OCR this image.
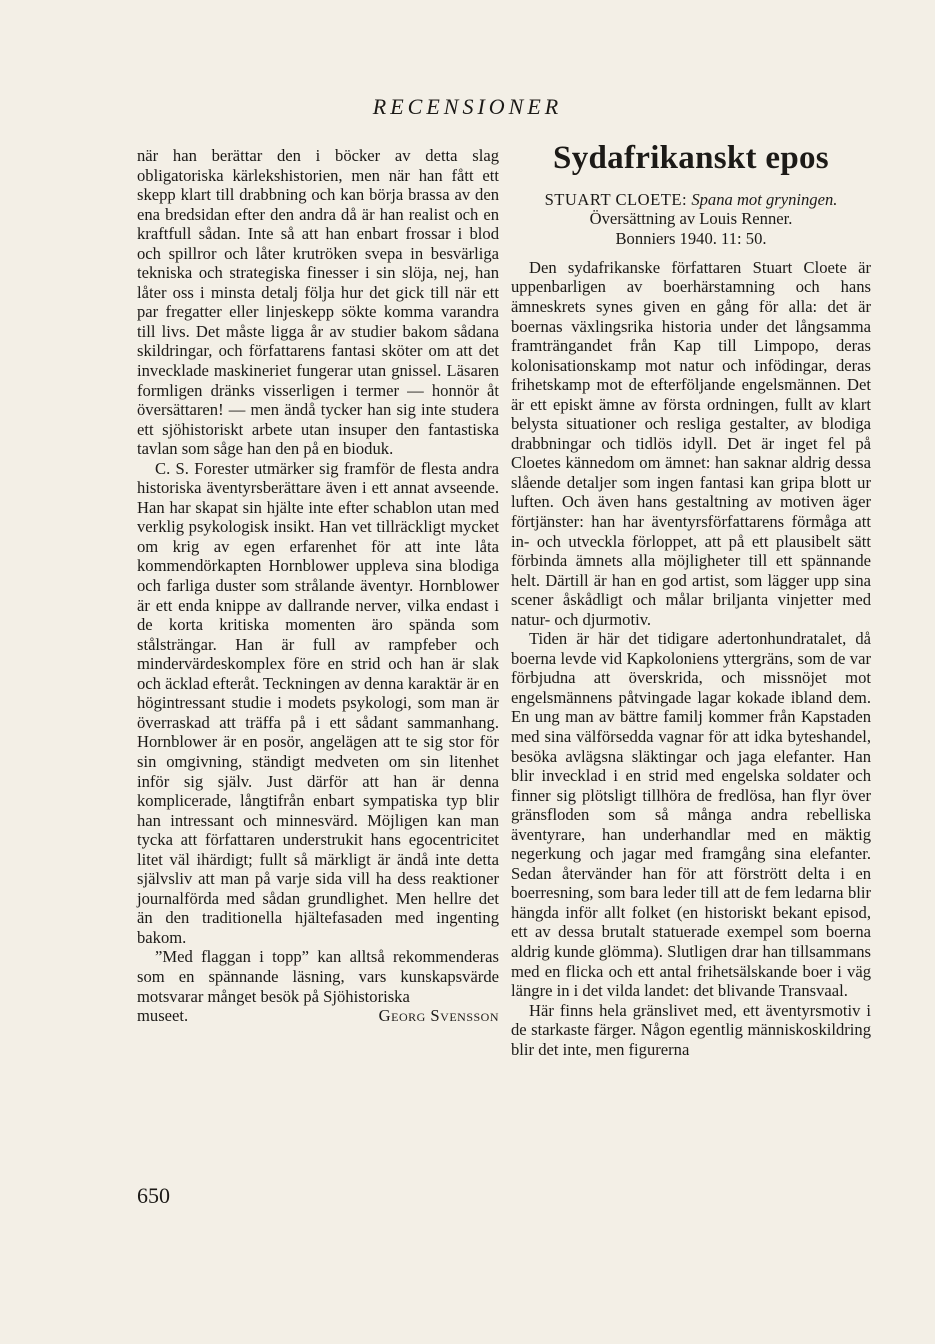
RECENSIONER

när han berättar den i böcker av detta slag obligatoriska kärlekshistorien, men när han fått ett skepp klart till drabbning och kan börja brassa av den ena bredsidan efter den andra då är han realist och en kraftfull sådan. Inte så att han enbart frossar i blod och spillror och låter krutröken svepa in besvärliga tekniska och strategiska finesser i sin slöja, nej, han låter oss i minsta detalj följa hur det gick till när ett par fregatter eller linjeskepp sökte komma varandra till livs. Det måste ligga år av studier bakom sådana skildringar, och författarens fantasi sköter om att det invecklade maskineriet fungerar utan gnissel. Läsaren formligen dränks visserligen i termer — honnör åt översättaren! — men ändå tycker han sig inte studera ett sjöhistoriskt arbete utan insuper den fantastiska tavlan som såge han den på en bioduk.

C. S. Forester utmärker sig framför de flesta andra historiska äventyrsberättare även i ett annat avseende. Han har skapat sin hjälte inte efter schablon utan med verklig psykologisk insikt. Han vet tillräckligt mycket om krig av egen erfarenhet för att inte låta kommendörkapten Hornblower uppleva sina blodiga och farliga duster som strålande äventyr. Hornblower är ett enda knippe av dallrande nerver, vilka endast i de korta kritiska momenten äro spända som stålsträngar. Han är full av rampfeber och mindervärdeskomplex före en strid och han är slak och äcklad efteråt. Teckningen av denna karaktär är en högintressant studie i modets psykologi, som man är överraskad att träffa på i ett sådant sammanhang. Hornblower är en posör, angelägen att te sig stor för sin omgivning, ständigt medveten om sin litenhet inför sig själv. Just därför att han är denna komplicerade, långtifrån enbart sympatiska typ blir han intressant och minnesvärd. Möjligen kan man tycka att författaren understrukit hans egocentricitet litet väl ihärdigt; fullt så märkligt är ändå inte detta självsliv att man på varje sida vill ha dess reaktioner journalförda med sådan grundlighet. Men hellre det än den traditionella hjältefasaden med ingenting bakom.

”Med flaggan i topp” kan alltså rekommenderas som en spännande läsning, vars kunskapsvärde motsvarar månget besök på Sjöhistoriska

museet.	Georg Svensson
Sydafrikanskt epos
STUART CLOETE: Spana mot gryningen.
Översättning av Louis Renner.
Bonniers 1940. 11: 50.

Den sydafrikanske författaren Stuart Cloete är uppenbarligen av boerhärstamning och hans ämneskrets synes given en gång för alla: det är boernas växlingsrika historia under det långsamma framträngandet från Kap till Limpopo, deras kolonisationskamp mot natur och infödingar, deras frihetskamp mot de efterföljande engelsmännen. Det är ett episkt ämne av första ordningen, fullt av klart belysta situationer och resliga gestalter, av blodiga drabbningar och tidlös idyll. Det är inget fel på Cloetes kännedom om ämnet: han saknar aldrig dessa slående detaljer som ingen fantasi kan gripa blott ur luften. Och även hans gestaltning av motiven äger förtjänster: han har äventyrsförfattarens förmåga att in- och utveckla förloppet, att på ett plausibelt sätt förbinda ämnets alla möjligheter till ett spännande helt. Därtill är han en god artist, som lägger upp sina scener åskådligt och målar briljanta vinjetter med natur- och djurmotiv.

Tiden är här det tidigare adertonhundratalet, då boerna levde vid Kapkoloniens yttergräns, som de var förbjudna att överskrida, och missnöjet mot engelsmännens påtvingade lagar kokade ibland dem. En ung man av bättre familj kommer från Kapstaden med sina välförsedda vagnar för att idka byteshandel, besöka avlägsna släktingar och jaga elefanter. Han blir invecklad i en strid med engelska soldater och finner sig plötsligt tillhöra de fredlösa, han flyr över gränsfloden som så många andra rebelliska äventyrare, han underhandlar med en mäktig negerkung och jagar med framgång sina elefanter. Sedan återvänder han för att förstrött delta i en boerresning, som bara leder till att de fem ledarna blir hängda inför allt folket (en historiskt bekant episod, ett av dessa brutalt statuerade exempel som boerna aldrig kunde glömma). Slutligen drar han tillsammans med en flicka och ett antal frihetsälskande boer i väg längre in i det vilda landet: det blivande Transvaal.

Här finns hela gränslivet med, ett äventyrsmotiv i de starkaste färger. Någon egentlig människoskildring blir det inte, men figurerna

650
